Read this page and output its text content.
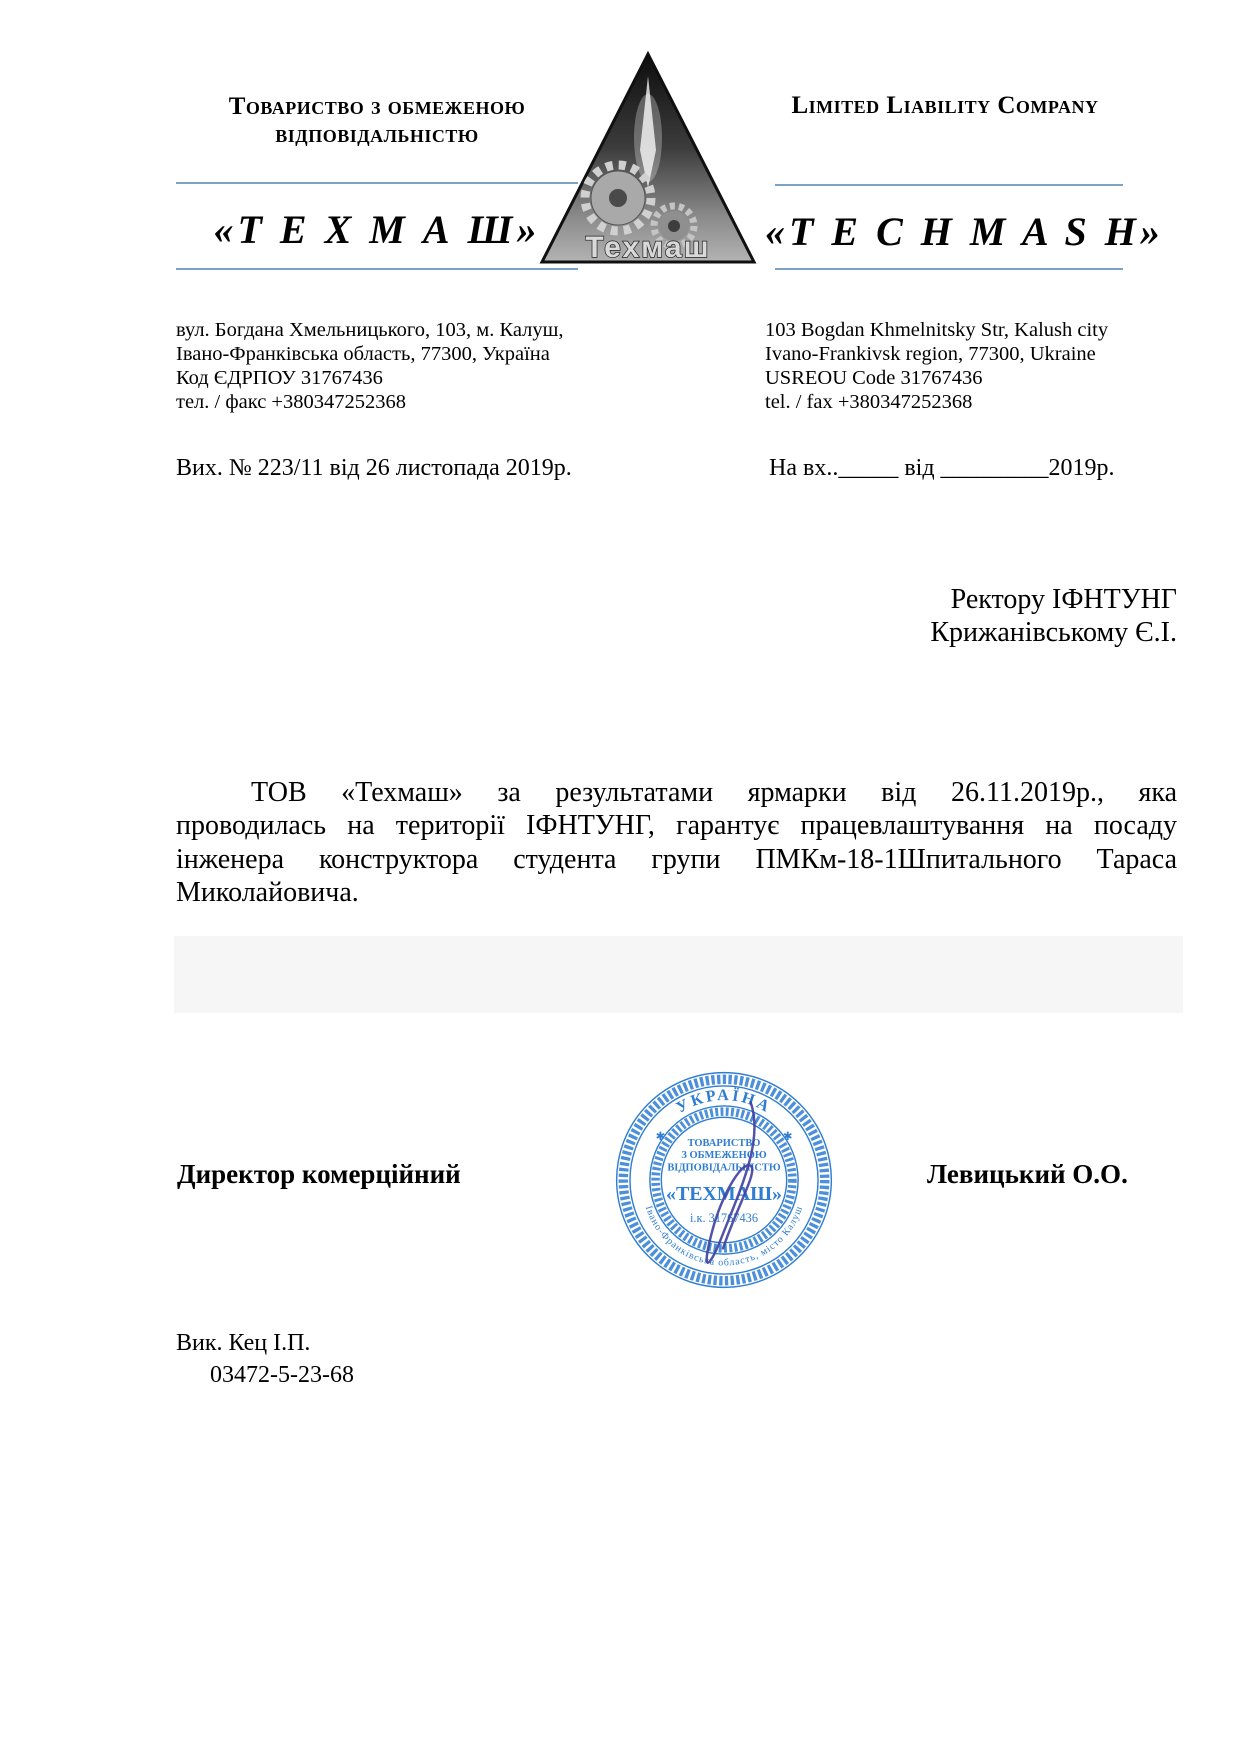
Товариство з обмеженою
відповідальністю
«Т Е Х М А Ш»
Limited Liability Company
«T E C H M A S H»
Техмаш
вул. Богдана Хмельницького, 103, м. Калуш,
Івано-Франківська область, 77300, Україна
Код ЄДРПОУ 31767436
тел. / факс +380347252368
103 Bogdan Khmelnitsky Str, Kalush city
Ivano-Frankivsk region, 77300, Ukraine
USREOU Code 31767436
tel. / fax +380347252368
Вих. № 223/11 від 26 листопада 2019р.	На вх.._____ від _________2019р.
Ректору ІФНТУНГ
Крижанівському Є.І.
ТОВ «Техмаш» за результатами ярмарки від 26.11.2019р., яка
проводилась на території ІФНТУНГ, гарантує працевлаштування на посаду
інженера конструктора студента групи ПМКм-18-1Шпитального Тараса
Миколайовича.
Директор комерційний	Левицький О.О.
УКРАЇНА
Івано-Франківська область, місто Калуш
✱	✱
ТОВАРИСТВО
З ОБМЕЖЕНОЮ
ВІДПОВІДАЛЬНІСТЮ
«ТЕХМАШ»
і.к. 31767436
Вик. Кец І.П.
03472-5-23-68
